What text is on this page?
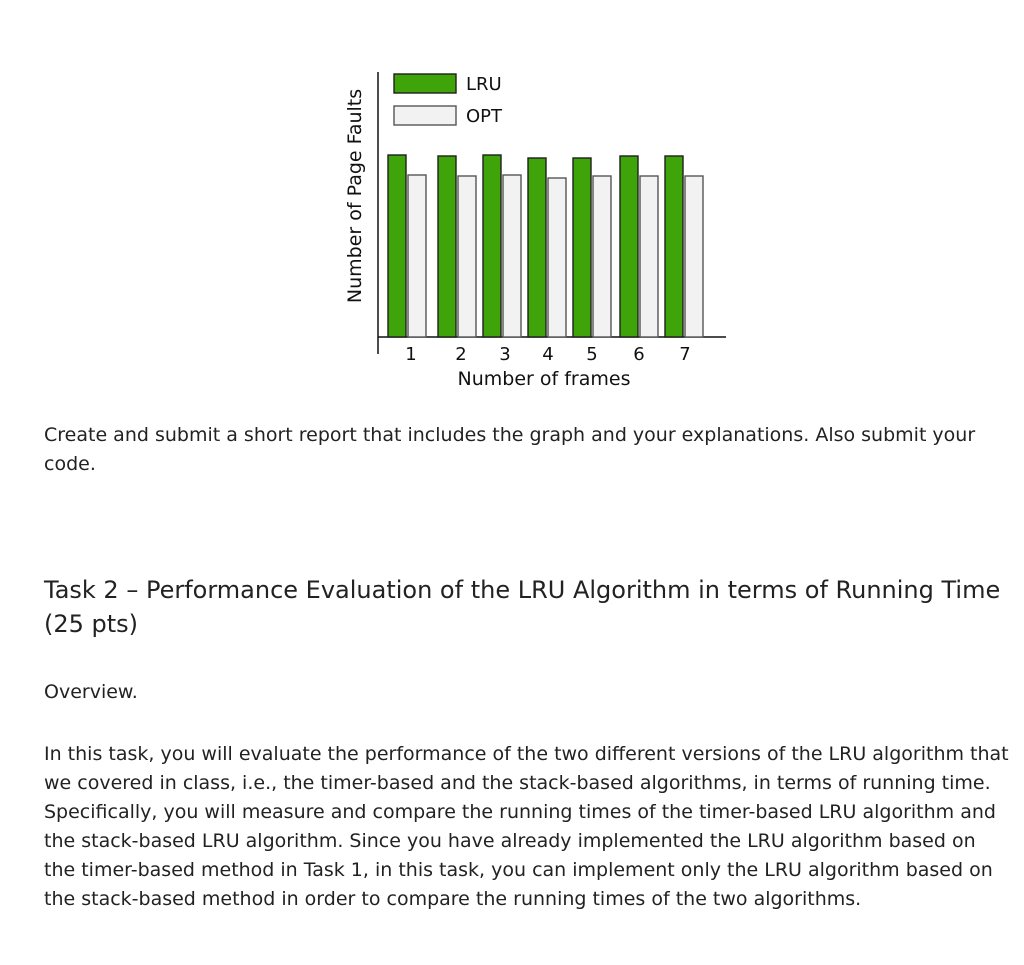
1 2 3 4 5 6 7
Number of frames
Number of Page Faults
LRU
OPT

Create and submit a short report that includes the graph and your explanations. Also submit your code.

Task 2 – Performance Evaluation of the LRU Algorithm in terms of Running Time (25 pts)

Overview.

In this task, you will evaluate the performance of the two different versions of the LRU algorithm that we covered in class, i.e., the timer-based and the stack-based algorithms, in terms of running time. Specifically, you will measure and compare the running times of the timer-based LRU algorithm and the stack-based LRU algorithm. Since you have already implemented the LRU algorithm based on the timer-based method in Task 1, in this task, you can implement only the LRU algorithm based on the stack-based method in order to compare the running times of the two algorithms.
